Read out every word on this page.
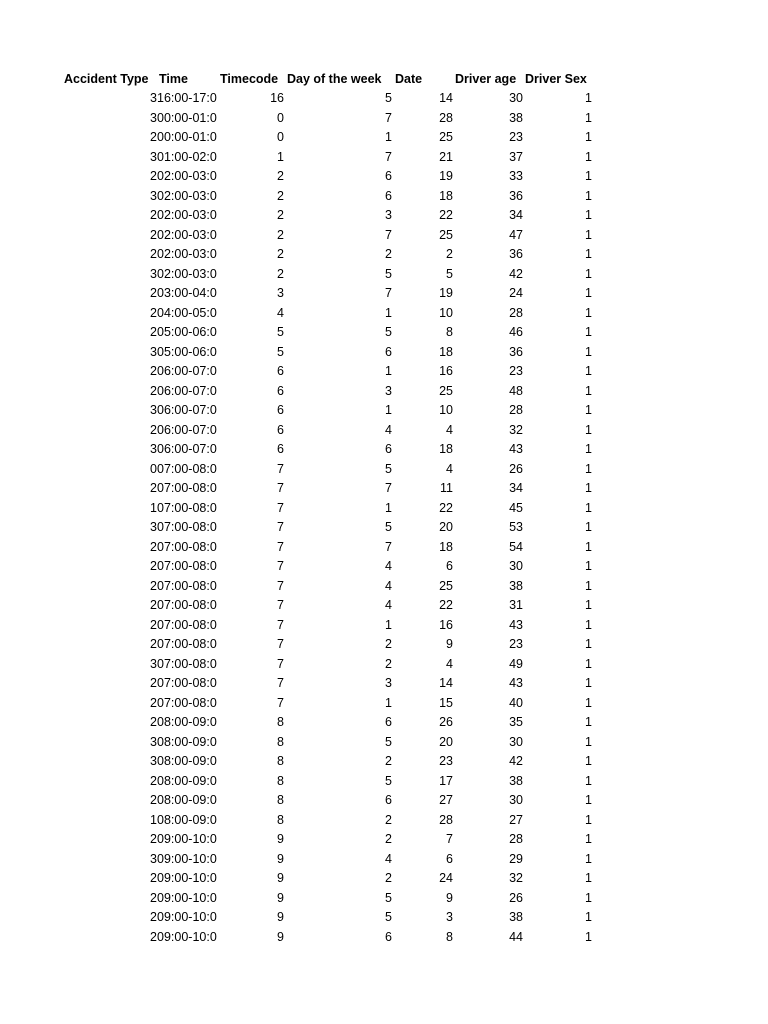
Accident Type Time	Timecode Day of the week Date	Driver age Driver Sex
3 16:00-17:0	16	5	14	30	1
3 00:00-01:0	0	7	28	38	1
2 00:00-01:0	0	1	25	23	1
3 01:00-02:0	1	7	21	37	1
2 02:00-03:0	2	6	19	33	1
3 02:00-03:0	2	6	18	36	1
2 02:00-03:0	2	3	22	34	1
2 02:00-03:0	2	7	25	47	1
2 02:00-03:0	2	2	2	36	1
3 02:00-03:0	2	5	5	42	1
2 03:00-04:0	3	7	19	24	1
2 04:00-05:0	4	1	10	28	1
2 05:00-06:0	5	5	8	46	1
3 05:00-06:0	5	6	18	36	1
2 06:00-07:0	6	1	16	23	1
2 06:00-07:0	6	3	25	48	1
3 06:00-07:0	6	1	10	28	1
2 06:00-07:0	6	4	4	32	1
3 06:00-07:0	6	6	18	43	1
0 07:00-08:0	7	5	4	26	1
2 07:00-08:0	7	7	11	34	1
1 07:00-08:0	7	1	22	45	1
3 07:00-08:0	7	5	20	53	1
2 07:00-08:0	7	7	18	54	1
2 07:00-08:0	7	4	6	30	1
2 07:00-08:0	7	4	25	38	1
2 07:00-08:0	7	4	22	31	1
2 07:00-08:0	7	1	16	43	1
2 07:00-08:0	7	2	9	23	1
3 07:00-08:0	7	2	4	49	1
2 07:00-08:0	7	3	14	43	1
2 07:00-08:0	7	1	15	40	1
2 08:00-09:0	8	6	26	35	1
3 08:00-09:0	8	5	20	30	1
3 08:00-09:0	8	2	23	42	1
2 08:00-09:0	8	5	17	38	1
2 08:00-09:0	8	6	27	30	1
1 08:00-09:0	8	2	28	27	1
2 09:00-10:0	9	2	7	28	1
3 09:00-10:0	9	4	6	29	1
2 09:00-10:0	9	2	24	32	1
2 09:00-10:0	9	5	9	26	1
2 09:00-10:0	9	5	3	38	1
2 09:00-10:0	9	6	8	44	1
